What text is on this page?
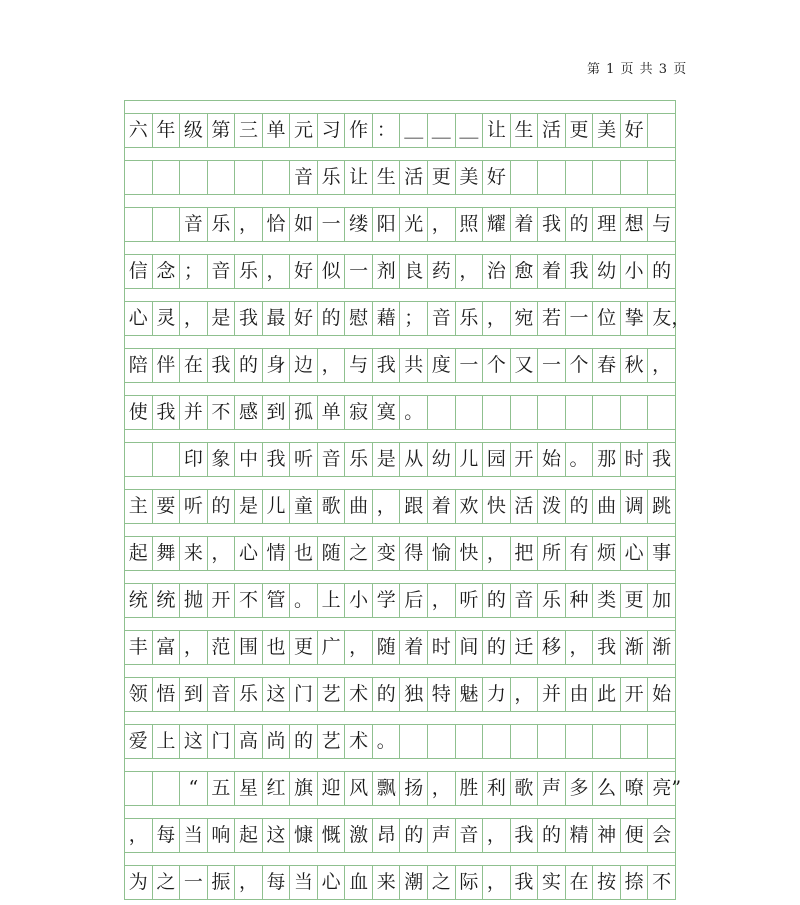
第 1 页 共 3 页
六 年 级 第 三 单 元 习 作 ： ＿ ＿ ＿ 让 生 活 更 美 好
音 乐 让 生 活 更 美 好
音 乐 ， 恰 如 一 缕 阳 光 ， 照 耀 着 我 的 理 想 与
信 念 ； 音 乐 ， 好 似 一 剂 良 药 ， 治 愈 着 我 幼 小 的
心 灵 ， 是 我 最 好 的 慰 藉 ； 音 乐 ， 宛 若 一 位 挚 友，
陪 伴 在 我 的 身 边 ， 与 我 共 度 一 个 又 一 个 春 秋 ，
使 我 并 不 感 到 孤 单 寂 寞 。
印 象 中 我 听 音 乐 是 从 幼 儿 园 开 始 。 那 时 我
主 要 听 的 是 儿 童 歌 曲 ， 跟 着 欢 快 活 泼 的 曲 调 跳
起 舞 来 ， 心 情 也 随 之 变 得 愉 快 ， 把 所 有 烦 心 事
统 统 抛 开 不 管 。 上 小 学 后 ， 听 的 音 乐 种 类 更 加
丰 富 ， 范 围 也 更 广 ， 随 着 时 间 的 迁 移 ， 我 渐 渐
领 悟 到 音 乐 这 门 艺 术 的 独 特 魅 力 ， 并 由 此 开 始
爱 上 这 门 高 尚 的 艺 术 。
“ 五 星 红 旗 迎 风 飘 扬 ， 胜 利 歌 声 多 么 嘹 亮”
， 每 当 响 起 这 慷 慨 激 昂 的 声 音 ， 我 的 精 神 便 会
为 之 一 振 ， 每 当 心 血 来 潮 之 际 ， 我 实 在 按 捺 不
